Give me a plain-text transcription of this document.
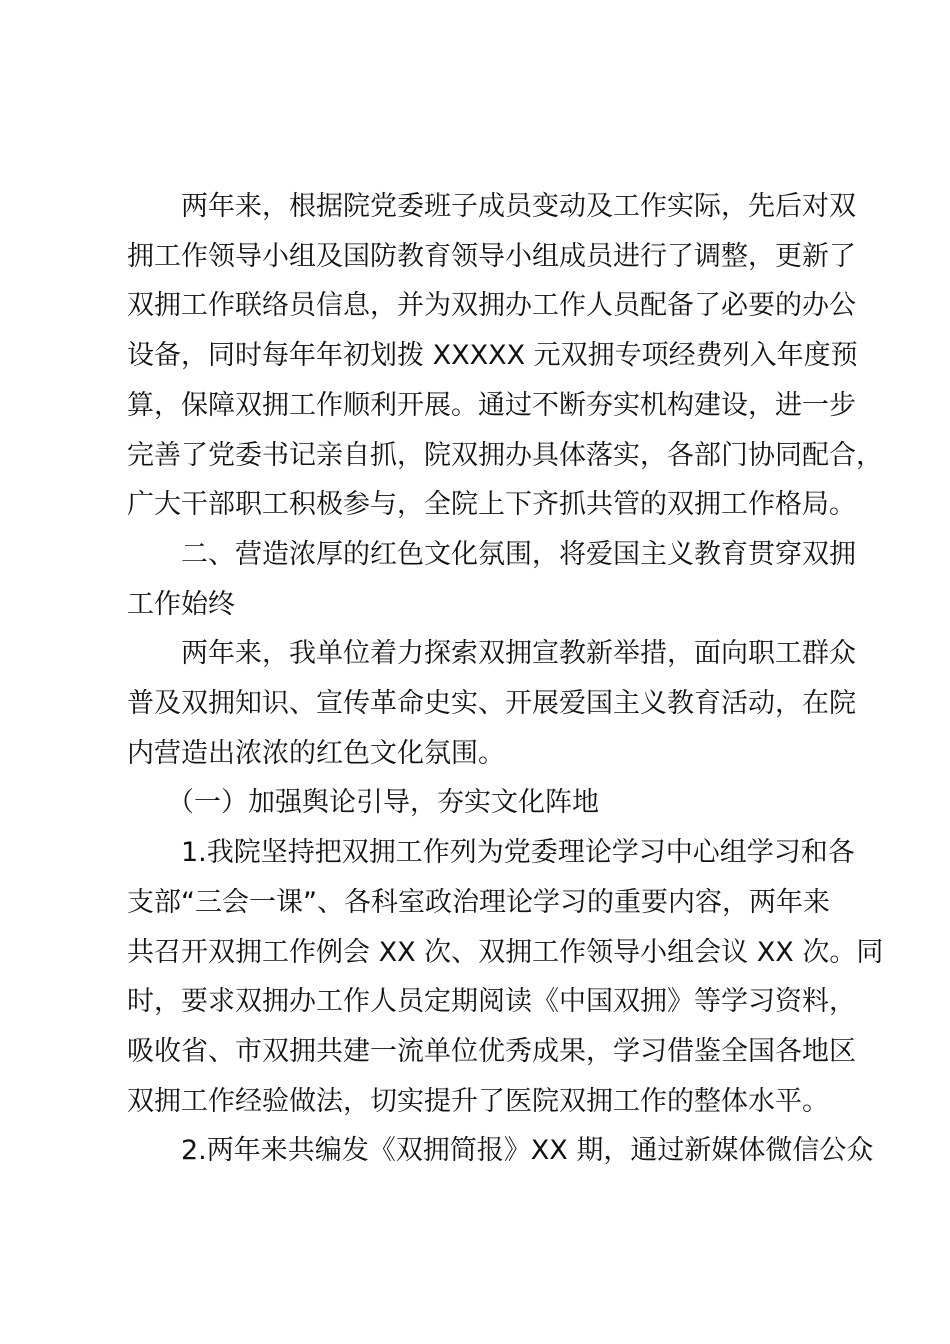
两年来，根据院党委班子成员变动及工作实际，先后对双
拥工作领导小组及国防教育领导小组成员进行了调整，更新了
双拥工作联络员信息，并为双拥办工作人员配备了必要的办公
设备，同时每年年初划拨 XXXXX 元双拥专项经费列入年度预
算，保障双拥工作顺利开展。通过不断夯实机构建设，进一步
完善了党委书记亲自抓，院双拥办具体落实，各部门协同配合，
广大干部职工积极参与，全院上下齐抓共管的双拥工作格局。

二、营造浓厚的红色文化氛围，将爱国主义教育贯穿双拥
工作始终

两年来，我单位着力探索双拥宣教新举措，面向职工群众
普及双拥知识、宣传革命史实、开展爱国主义教育活动，在院
内营造出浓浓的红色文化氛围。

（一）加强舆论引导，夯实文化阵地

1.我院坚持把双拥工作列为党委理论学习中心组学习和各
支部“三会一课”、各科室政治理论学习的重要内容，两年来
共召开双拥工作例会 XX 次、双拥工作领导小组会议 XX 次。同
时，要求双拥办工作人员定期阅读《中国双拥》等学习资料，
吸收省、市双拥共建一流单位优秀成果，学习借鉴全国各地区
双拥工作经验做法，切实提升了医院双拥工作的整体水平。

2.两年来共编发《双拥简报》XX 期，通过新媒体微信公众
